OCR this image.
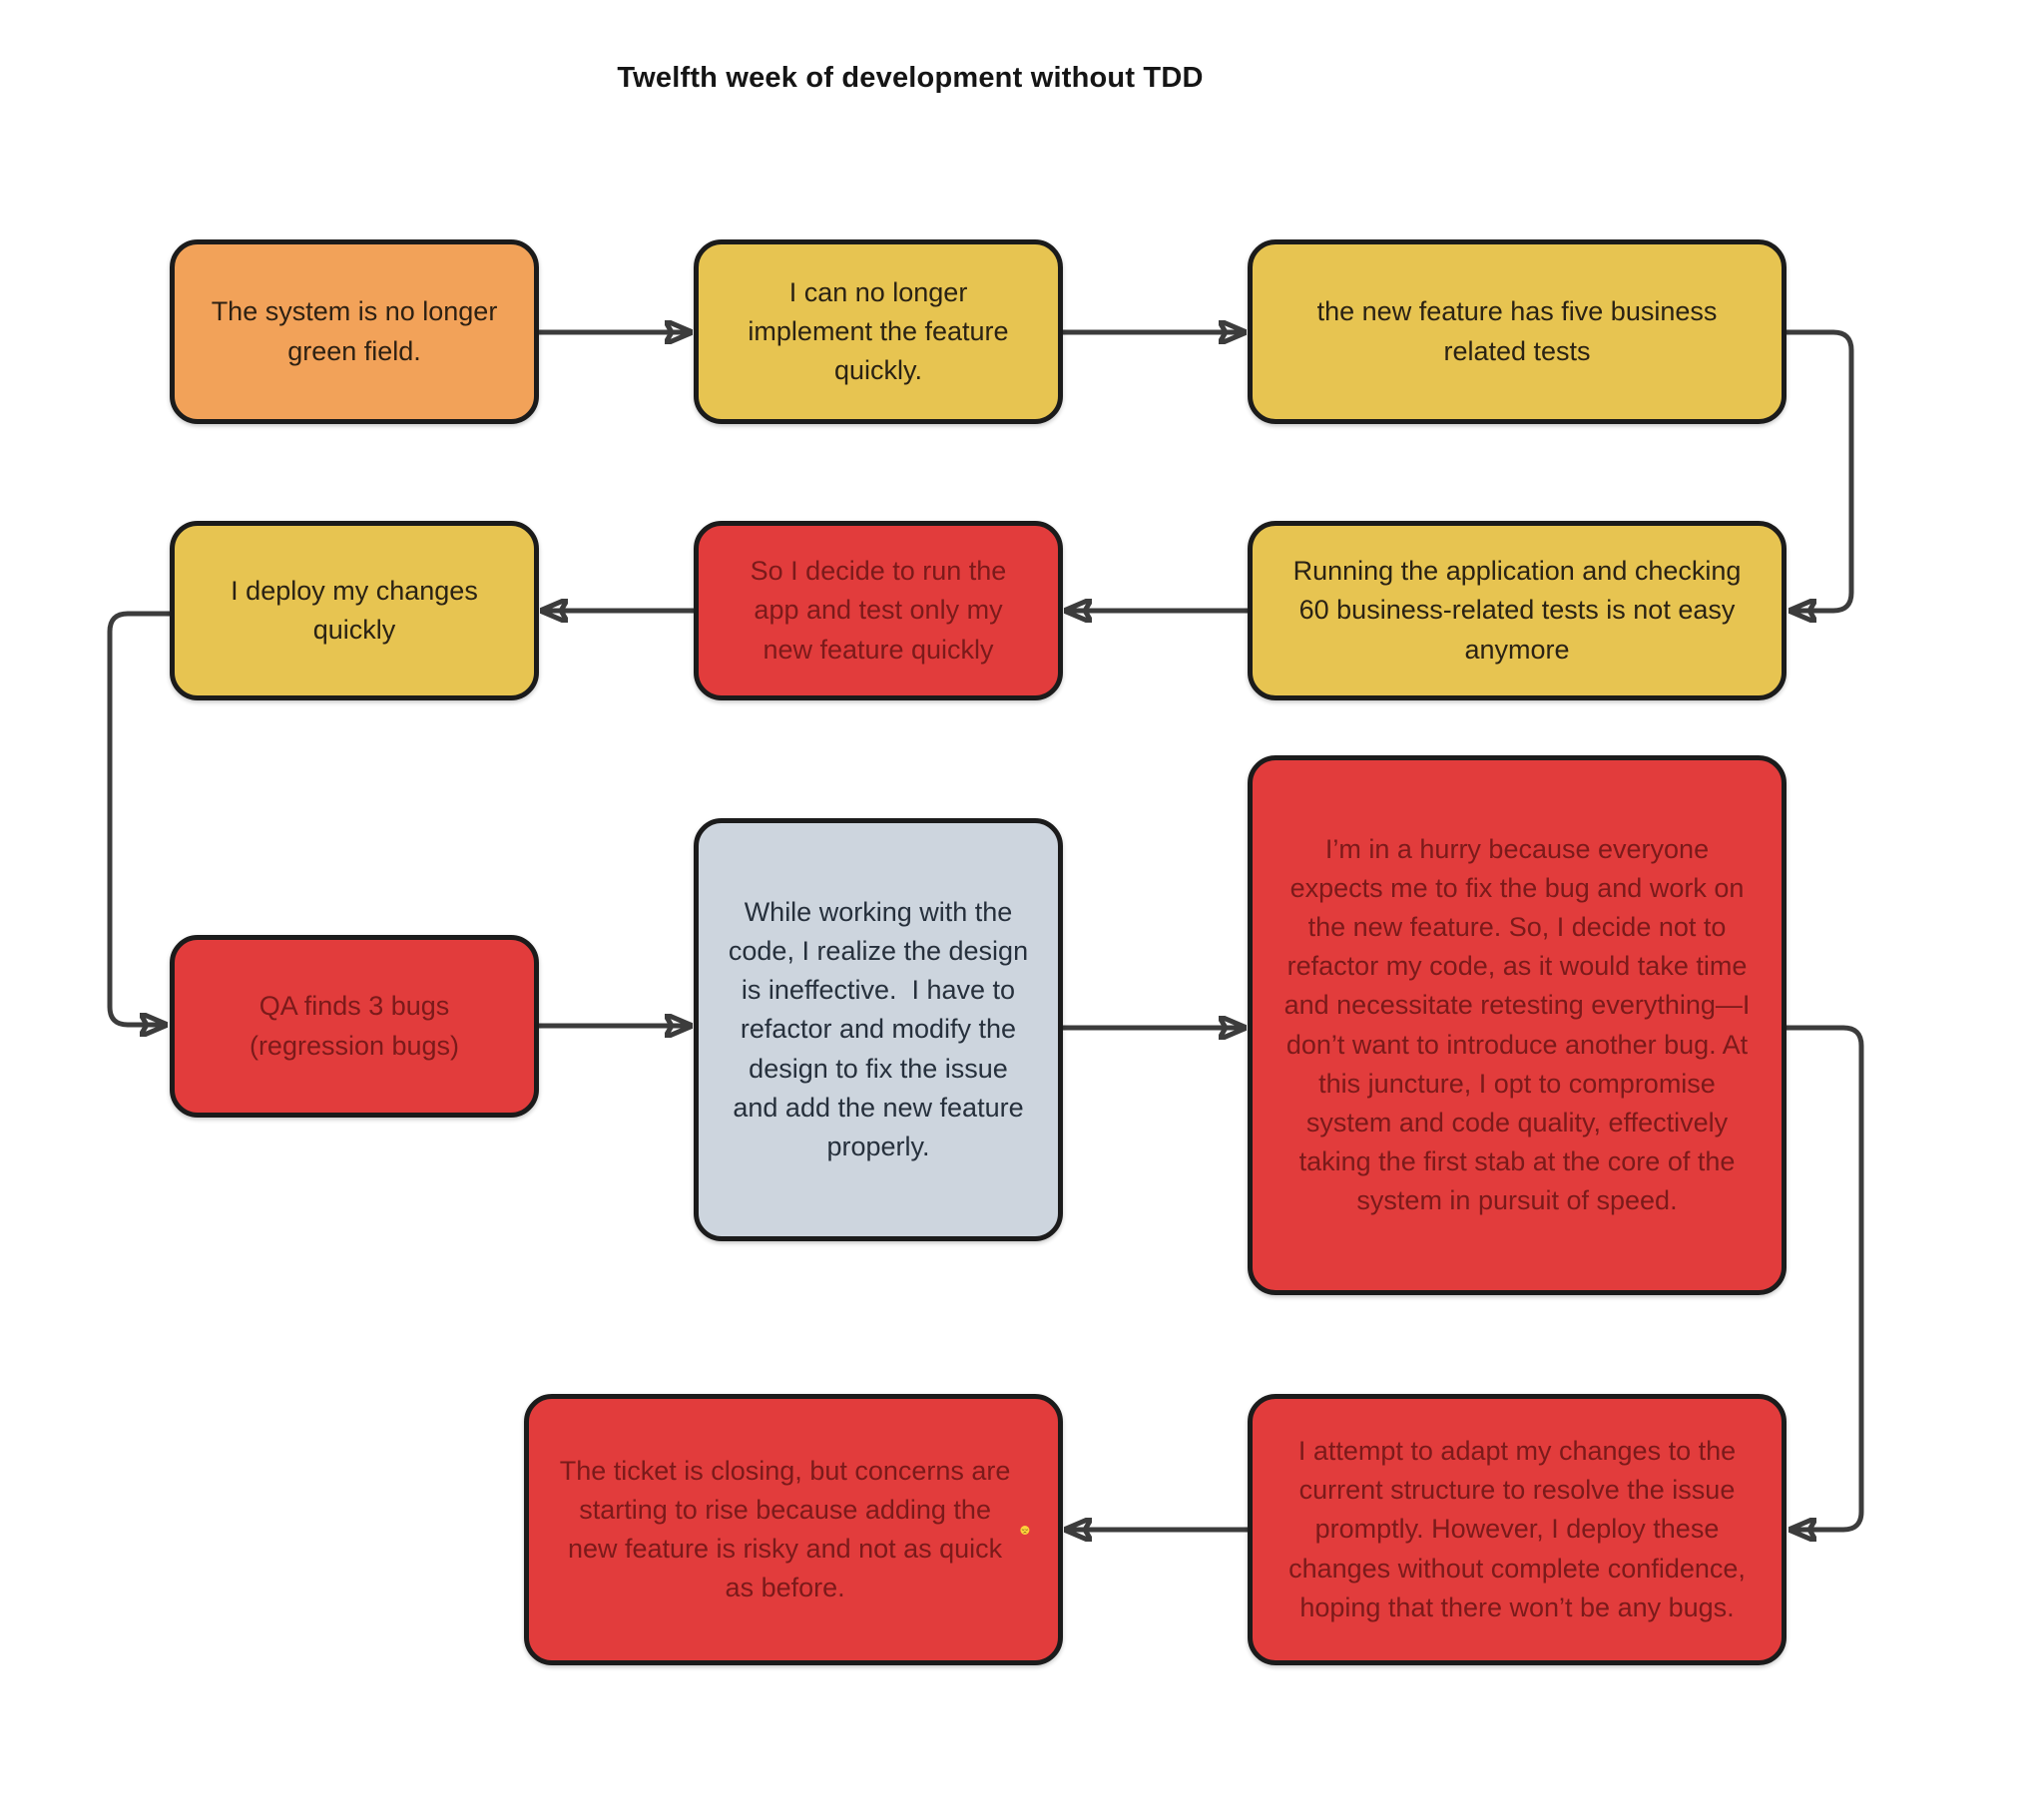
Twelfth week of development without TDD
The system is no longer green field.
I can no longer implement the feature quickly.
the new feature has five business related tests
Running the application and checking 60 business-related tests is not easy anymore
So I decide to run the app and test only my new feature quickly
I deploy my changes quickly
QA finds 3 bugs (regression bugs)
While working with the code, I realize the design is ineffective.  I have to refactor and modify the design to fix the issue and add the new feature properly.
I’m in a hurry because everyone expects me to fix the bug and work on the new feature. So, I decide not to refactor my code, as it would take time and necessitate retesting everything—I don’t want to introduce another bug. At this juncture, I opt to compromise system and code quality, effectively taking the first stab at the core of the system in pursuit of speed.
I attempt to adapt my changes to the current structure to resolve the issue promptly. However, I deploy these changes without complete confidence, hoping that there won’t be any bugs.
The ticket is closing, but concerns are starting to rise because adding the new feature is risky and not as quick as before.
